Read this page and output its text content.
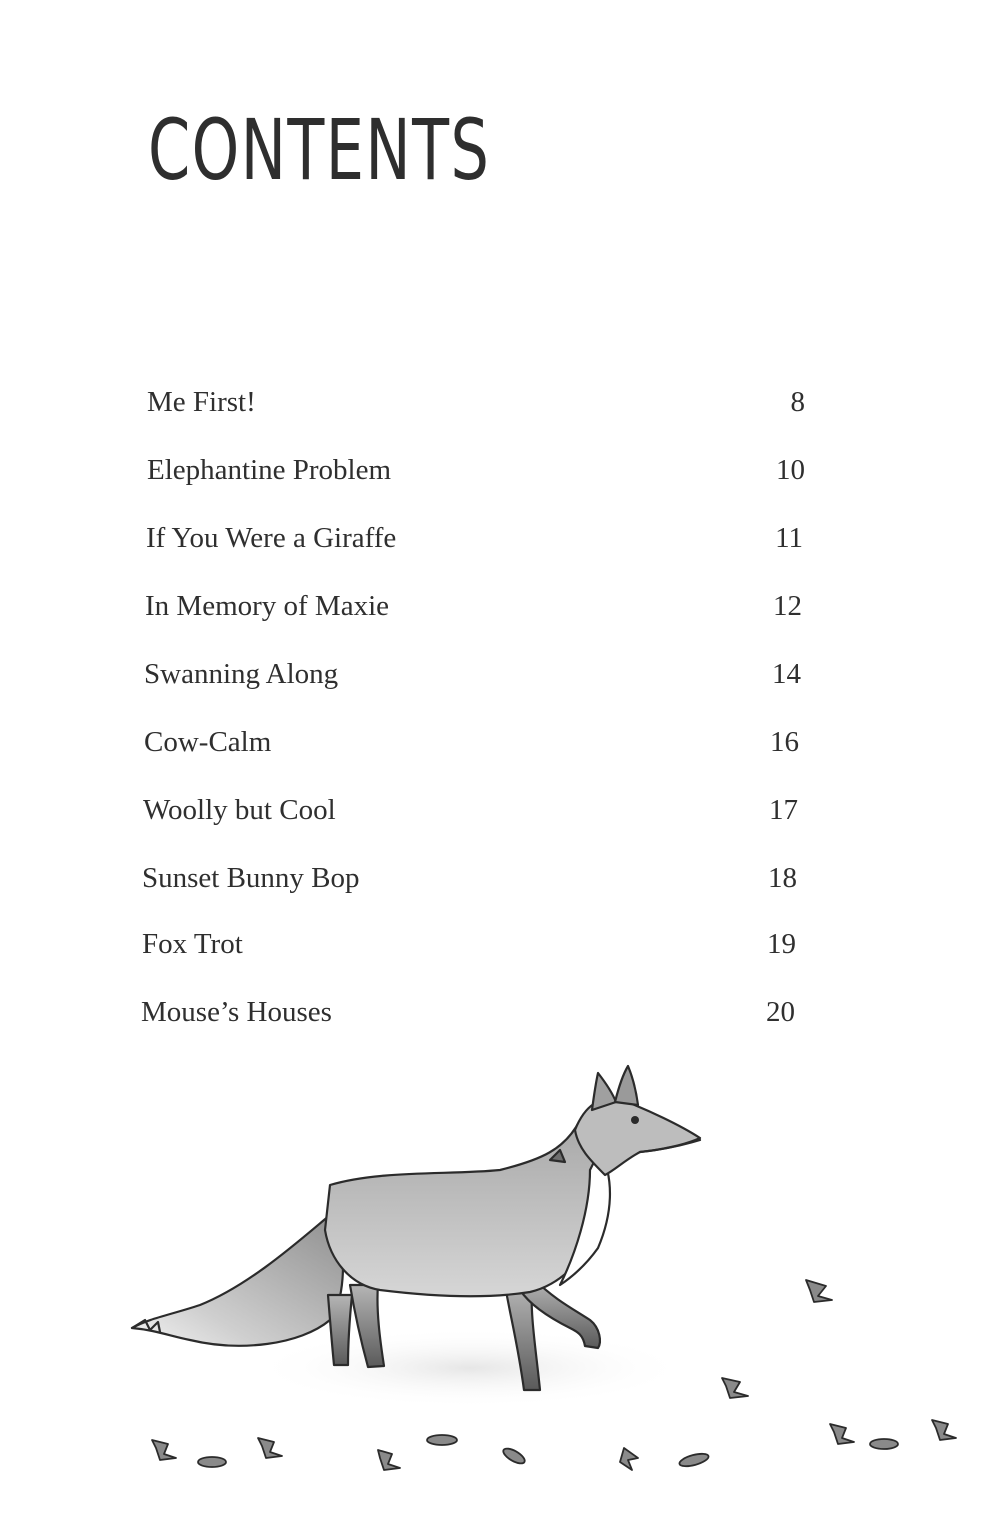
CONTENTS
Me First!	8
Elephantine Problem	10
If You Were a Giraffe	11
In Memory of Maxie	12
Swanning Along	14
Cow-Calm	16
Woolly but Cool	17
Sunset Bunny Bop	18
Fox Trot	19
Mouse’s Houses	20
